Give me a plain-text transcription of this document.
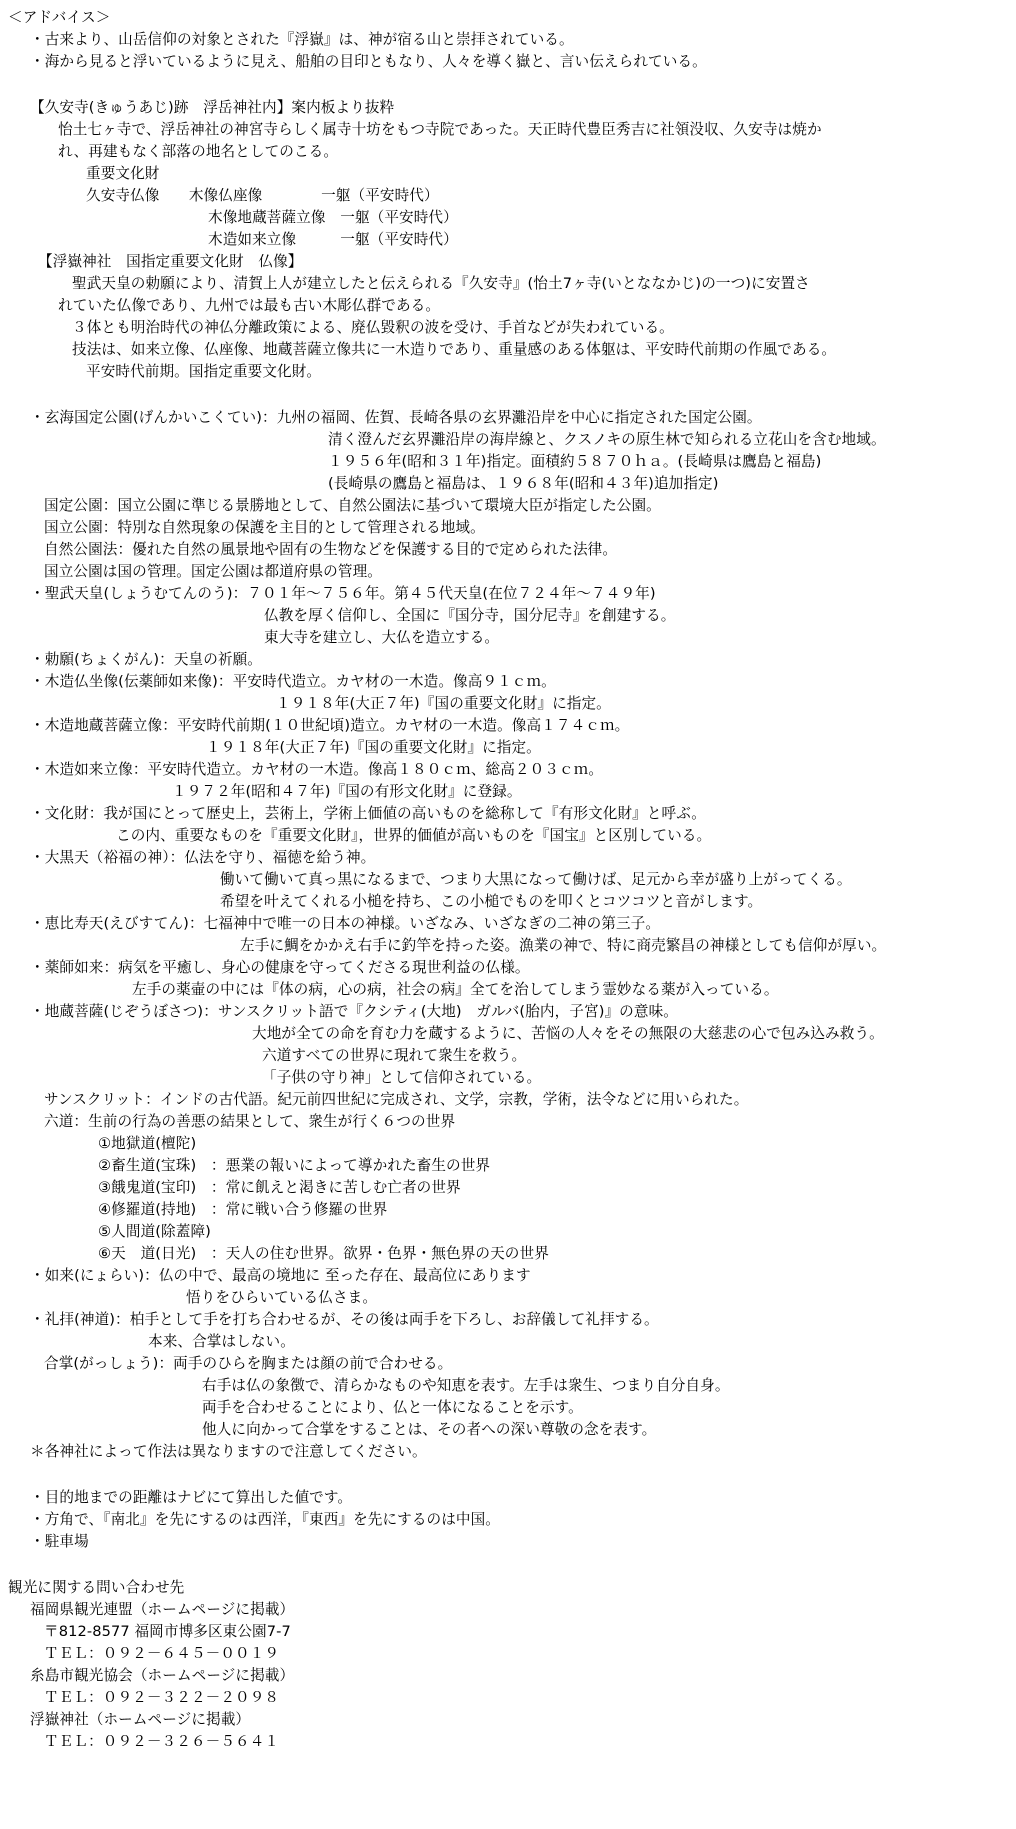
＜アドバイス＞
・古来より、山岳信仰の対象とされた『浮嶽』は、神が宿る山と崇拝されている。
・海から見ると浮いているように見え、船舶の目印ともなり、人々を導く嶽と、言い伝えられている。
【久安寺(きゅうあじ)跡　浮岳神社内】案内板より抜粋
怡土七ヶ寺で、浮岳神社の神宮寺らしく属寺十坊をもつ寺院であった。天正時代豊臣秀吉に社領没収、久安寺は焼か
れ、再建もなく部落の地名としてのこる。
重要文化財
久安寺仏像　　木像仏座像　　　　一躯（平安時代）
木像地蔵菩薩立像　一躯（平安時代）
木造如来立像　　　一躯（平安時代）
【浮嶽神社　国指定重要文化財　仏像】
聖武天皇の勅願により、清賀上人が建立したと伝えられる『久安寺』(怡土7ヶ寺(いとななかじ)の一つ)に安置さ
れていた仏像であり、九州では最も古い木彫仏群である。
３体とも明治時代の神仏分離政策による、廃仏毀釈の波を受け、手首などが失われている。
技法は、如来立像、仏座像、地蔵菩薩立像共に一木造りであり、重量感のある体躯は、平安時代前期の作風である。
平安時代前期。国指定重要文化財。
・玄海国定公園(げんかいこくてい)：九州の福岡、佐賀、長崎各県の玄界灘沿岸を中心に指定された国定公園。
清く澄んだ玄界灘沿岸の海岸線と、クスノキの原生林で知られる立花山を含む地域。
１９５６年(昭和３１年)指定。面積約５８７０ｈａ。(長崎県は鷹島と福島)
(長崎県の鷹島と福島は、１９６８年(昭和４３年)追加指定)
国定公園：国立公園に準じる景勝地として、自然公園法に基づいて環境大臣が指定した公園。
国立公園：特別な自然現象の保護を主目的として管理される地域。
自然公園法：優れた自然の風景地や固有の生物などを保護する目的で定められた法律。
国立公園は国の管理。国定公園は都道府県の管理。
・聖武天皇(しょうむてんのう)：７０１年～７５６年。第４５代天皇(在位７２４年～７４９年)
仏教を厚く信仰し、全国に『国分寺，国分尼寺』を創建する。
東大寺を建立し、大仏を造立する。
・勅願(ちょくがん)：天皇の祈願。
・木造仏坐像(伝薬師如来像)：平安時代造立。カヤ材の一木造。像高９１ｃｍ。
１９１８年(大正７年)『国の重要文化財』に指定。
・木造地蔵菩薩立像：平安時代前期(１０世紀頃)造立。カヤ材の一木造。像高１７４ｃｍ。
１９１８年(大正７年)『国の重要文化財』に指定。
・木造如来立像：平安時代造立。カヤ材の一木造。像高１８０ｃｍ、総高２０３ｃｍ。
１９７２年(昭和４７年)『国の有形文化財』に登録。
・文化財：我が国にとって歴史上，芸術上，学術上価値の高いものを総称して『有形文化財』と呼ぶ。
この内、重要なものを『重要文化財』，世界的価値が高いものを『国宝』と区別している。
・大黒天（裕福の神）：仏法を守り、福徳を給う神。
働いて働いて真っ黒になるまで、つまり大黒になって働けば、足元から幸が盛り上がってくる。
希望を叶えてくれる小槌を持ち、この小槌でものを叩くとコツコツと音がします。
・恵比寿天(えびすてん)：七福神中で唯一の日本の神様。いざなみ、いざなぎの二神の第三子。
左手に鯛をかかえ右手に釣竿を持った姿。漁業の神で、特に商売繁昌の神様としても信仰が厚い。
・薬師如来：病気を平癒し、身心の健康を守ってくださる現世利益の仏様。
左手の薬壷の中には『体の病，心の病，社会の病』全てを治してしまう霊妙なる薬が入っている。
・地蔵菩薩(じぞうぼさつ)：サンスクリット語で『クシティ(大地)　ガルバ(胎内，子宮)』の意味。
大地が全ての命を育む力を蔵するように、苦悩の人々をその無限の大慈悲の心で包み込み救う。
六道すべての世界に現れて衆生を救う。
「子供の守り神」として信仰されている。
サンスクリット：インドの古代語。紀元前四世紀に完成され、文学，宗教，学術，法令などに用いられた。
六道：生前の行為の善悪の結果として、衆生が行く６つの世界
①地獄道(檀陀)
②畜生道(宝珠)　：悪業の報いによって導かれた畜生の世界
③餓鬼道(宝印)　：常に飢えと渇きに苦しむ亡者の世界
④修羅道(持地)　：常に戦い合う修羅の世界
⑤人間道(除蓋障)
⑥天　道(日光)　：天人の住む世界。欲界・色界・無色界の天の世界
・如来(にょらい)：仏の中で、最高の境地に 至った存在、最高位にあります
悟りをひらいている仏さま。
・礼拝(神道)：柏手として手を打ち合わせるが、その後は両手を下ろし、お辞儀して礼拝する。
本来、合掌はしない。
合掌(がっしょう)：両手のひらを胸または顔の前で合わせる。
右手は仏の象徴で、清らかなものや知恵を表す。左手は衆生、つまり自分自身。
両手を合わせることにより、仏と一体になることを示す。
他人に向かって合掌をすることは、その者への深い尊敬の念を表す。
＊各神社によって作法は異なりますので注意してください。
・目的地までの距離はナビにて算出した値です。
・方角で、『南北』を先にするのは西洋，『東西』を先にするのは中国。
・駐車場
観光に関する問い合わせ先
福岡県観光連盟（ホームページに掲載）
〒812-8577 福岡市博多区東公園7-7
ＴＥＬ：０９２－６４５－００１９
糸島市観光協会（ホームページに掲載）
ＴＥＬ：０９２－３２２－２０９８
浮嶽神社（ホームページに掲載）
ＴＥＬ：０９２－３２６－５６４１
